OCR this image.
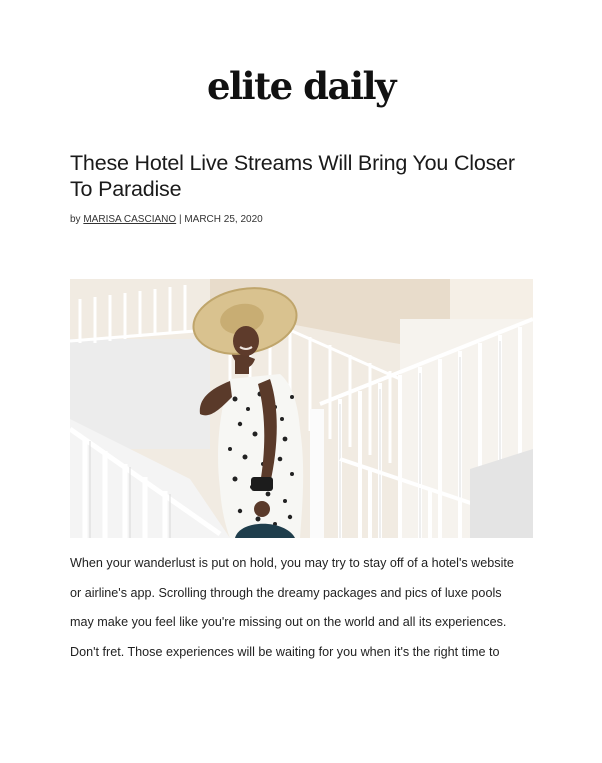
elite daily
These Hotel Live Streams Will Bring You Closer To Paradise
by MARISA CASCIANO | MARCH 25, 2020
When your wanderlust is put on hold, you may try to stay off of a hotel's website
or airline's app. Scrolling through the dreamy packages and pics of luxe pools
may make you feel like you're missing out on the world and all its experiences.
Don't fret. Those experiences will be waiting for you when it's the right time to
